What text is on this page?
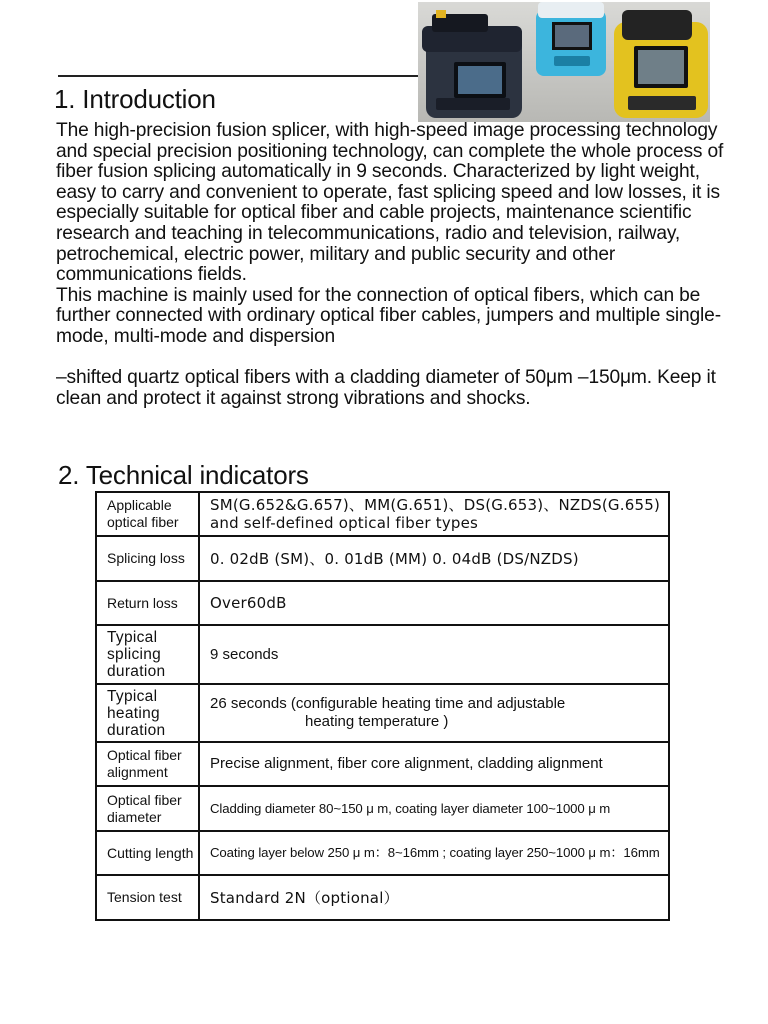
1. Introduction

The high-precision fusion splicer, with high-speed image processing technology and special precision positioning technology, can complete the whole process of fiber fusion splicing automatically in 9 seconds. Characterized by light weight, easy to carry and convenient to operate, fast splicing speed and low losses, it is especially suitable for optical fiber and cable projects, maintenance scientific research and teaching in telecommunications, radio and television, railway, petrochemical, electric power, military and public security and other communications fields.

This machine is mainly used for the connection of optical fibers, which can be further connected with ordinary optical fiber cables, jumpers and multiple single-mode, multi-mode and dispersion

–shifted quartz optical fibers with a cladding diameter of 50μm –150μm. Keep it clean and protect it against strong vibrations and shocks.

2. Technical indicators
Applicable optical fiber	SM(G.652&G.657)、MM(G.651)、DS(G.653)、NZDS(G.655) and self-defined optical fiber types
Splicing loss	0. 02dB (SM)、0. 01dB (MM) 0. 04dB (DS/NZDS)
Return loss	Over60dB
Typical splicing duration	9 seconds
Typical heating duration	26 seconds (configurable heating time and adjustable
heating temperature )

Optical fiber alignment	Precise alignment, fiber core alignment, cladding alignment
Optical fiber diameter	Cladding diameter 80~150 μ m, coating layer diameter 100~1000 μ m
Cutting length	Coating layer below 250 μ m：8~16mm ; coating layer 250~1000 μ m：16mm
Tension test	Standard 2N（optional）
